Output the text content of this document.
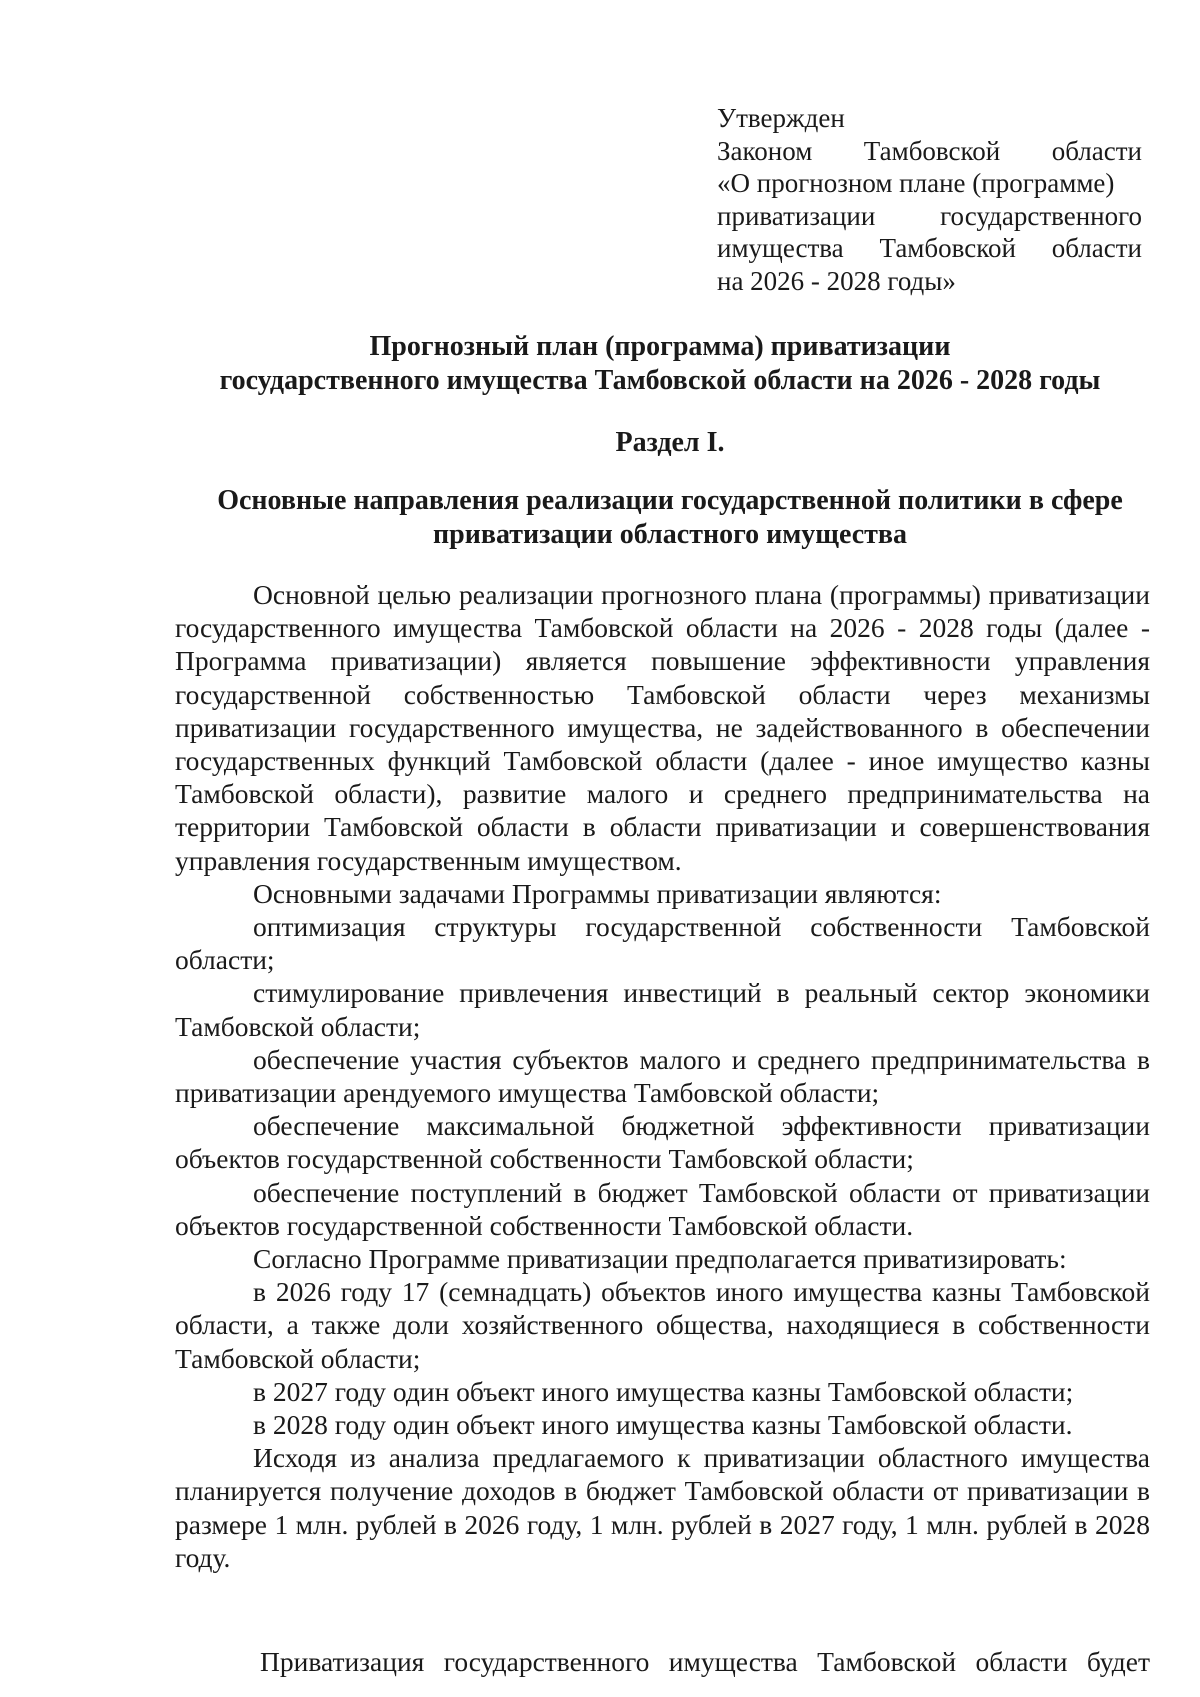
Утвержден
Законом Тамбовской области
«О прогнозном плане (программе)
приватизации государственного
имущества Тамбовской области
на 2026 - 2028 годы»
Прогнозный план (программа) приватизации
государственного имущества Тамбовской области на 2026 - 2028 годы
Раздел I.
Основные направления реализации государственной политики в сфере
приватизации областного имущества

Основной целью реализации прогнозного плана (программы) приватизации государственного имущества Тамбовской области на 2026 - 2028 годы (далее - Программа приватизации) является повышение эффективности управления государственной собственностью Тамбовской области через механизмы приватизации государственного имущества, не задействованного в обеспечении государственных функций Тамбовской области (далее - иное имущество казны Тамбовской области), развитие малого и среднего предпринимательства на территории Тамбовской области в области приватизации и совершенствования управления государственным имуществом.

Основными задачами Программы приватизации являются:

оптимизация структуры государственной собственности Тамбовской области;

стимулирование привлечения инвестиций в реальный сектор экономики Тамбовской области;

обеспечение участия субъектов малого и среднего предпринимательства в приватизации арендуемого имущества Тамбовской области;

обеспечение максимальной бюджетной эффективности приватизации объектов государственной собственности Тамбовской области;

обеспечение поступлений в бюджет Тамбовской области от приватизации объектов государственной собственности Тамбовской области.

Согласно Программе приватизации предполагается приватизировать:

в 2026 году 17 (семнадцать) объектов иного имущества казны Тамбовской области, а также доли хозяйственного общества, находящиеся в собственности Тамбовской области;

в 2027 году один объект иного имущества казны Тамбовской области;

в 2028 году один объект иного имущества казны Тамбовской области.

Исходя из анализа предлагаемого к приватизации областного имущества планируется получение доходов в бюджет Тамбовской области от приватизации в размере 1 млн. рублей в 2026 году, 1 млн. рублей в 2027 году, 1 млн. рублей в 2028 году.

Приватизация государственного имущества Тамбовской области будет
